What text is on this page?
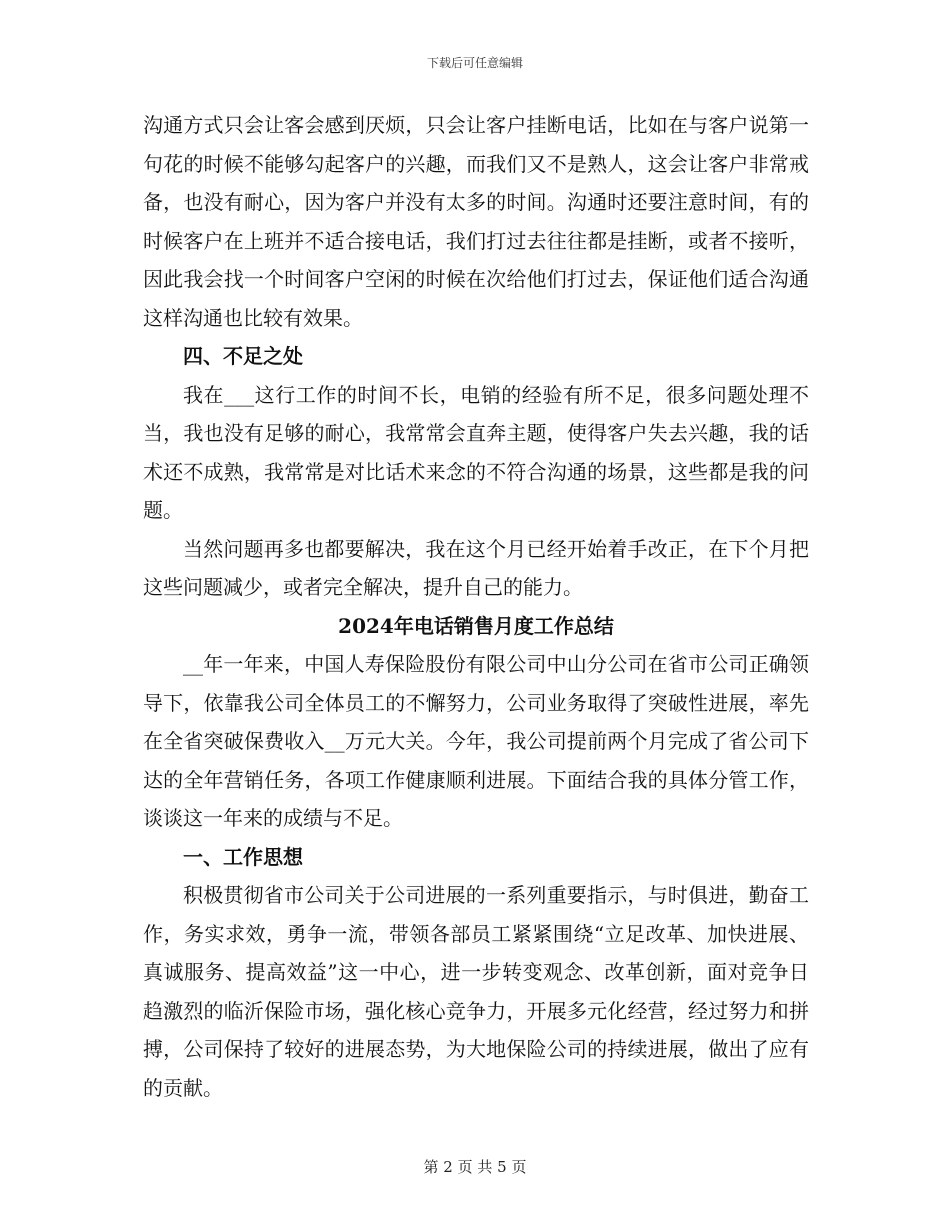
下载后可任意编辑

沟通方式只会让客会感到厌烦，只会让客户挂断电话，比如在与客户说第一句花的时候不能够勾起客户的兴趣，而我们又不是熟人，这会让客户非常戒备，也没有耐心，因为客户并没有太多的时间。沟通时还要注意时间，有的时候客户在上班并不适合接电话，我们打过去往往都是挂断，或者不接听，因此我会找一个时间客户空闲的时候在次给他们打过去，保证他们适合沟通这样沟通也比较有效果。

四、不足之处

我在___这行工作的时间不长，电销的经验有所不足，很多问题处理不当，我也没有足够的耐心，我常常会直奔主题，使得客户失去兴趣，我的话术还不成熟，我常常是对比话术来念的不符合沟通的场景，这些都是我的问题。

当然问题再多也都要解决，我在这个月已经开始着手改正，在下个月把这些问题减少，或者完全解决，提升自己的能力。

2024年电话销售月度工作总结

__年一年来，中国人寿保险股份有限公司中山分公司在省市公司正确领导下，依靠我公司全体员工的不懈努力，公司业务取得了突破性进展，率先在全省突破保费收入__万元大关。今年，我公司提前两个月完成了省公司下达的全年营销任务，各项工作健康顺利进展。下面结合我的具体分管工作，谈谈这一年来的成绩与不足。

一、工作思想

积极贯彻省市公司关于公司进展的一系列重要指示，与时俱进，勤奋工作，务实求效，勇争一流，带领各部员工紧紧围绕“立足改革、加快进展、真诚服务、提高效益”这一中心，进一步转变观念、改革创新，面对竞争日趋激烈的临沂保险市场，强化核心竞争力，开展多元化经营，经过努力和拼搏，公司保持了较好的进展态势，为大地保险公司的持续进展，做出了应有的贡献。

第 2 页 共 5 页
